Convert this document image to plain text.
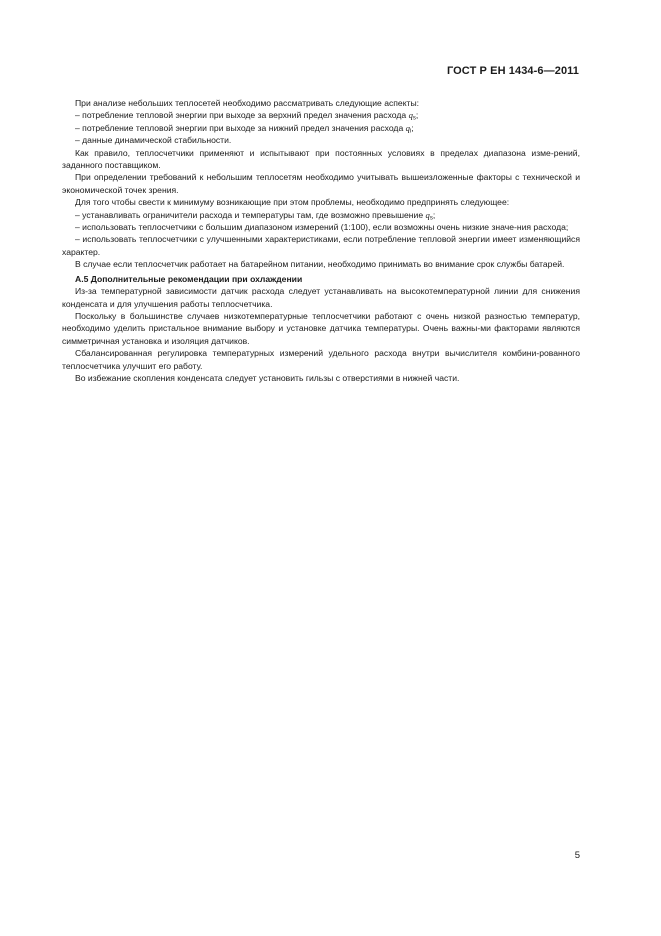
ГОСТ Р ЕН 1434-6—2011

При анализе небольших теплосетей необходимо рассматривать следующие аспекты:

– потребление тепловой энергии при выходе за верхний предел значения расхода $q_s$;

– потребление тепловой энергии при выходе за нижний предел значения расхода $q_i$;

– данные динамической стабильности.

Как правило, теплосчетчики применяют и испытывают при постоянных условиях в пределах диапазона изме-рений, заданного поставщиком.

При определении требований к небольшим теплосетям необходимо учитывать вышеизложенные факторы с технической и экономической точек зрения.

Для того чтобы свести к минимуму возникающие при этом проблемы, необходимо предпринять следующее:

– устанавливать ограничители расхода и температуры там, где возможно превышение $q_s$;

– использовать теплосчетчики с большим диапазоном измерений (1:100), если возможны очень низкие значе-ния расхода;

– использовать теплосчетчики с улучшенными характеристиками, если потребление тепловой энергии имеет изменяющийся характер.

В случае если теплосчетчик работает на батарейном питании, необходимо принимать во внимание срок службы батарей.

А.5 Дополнительные рекомендации при охлаждении

Из-за температурной зависимости датчик расхода следует устанавливать на высокотемпературной линии для снижения конденсата и для улучшения работы теплосчетчика.

Поскольку в большинстве случаев низкотемпературные теплосчетчики работают с очень низкой разностью температур, необходимо уделить пристальное внимание выбору и установке датчика температуры. Очень важны-ми факторами являются симметричная установка и изоляция датчиков.

Сбалансированная регулировка температурных измерений удельного расхода внутри вычислителя комбини-рованного теплосчетчика улучшит его работу.

Во избежание скопления конденсата следует установить гильзы с отверстиями в нижней части.

5
